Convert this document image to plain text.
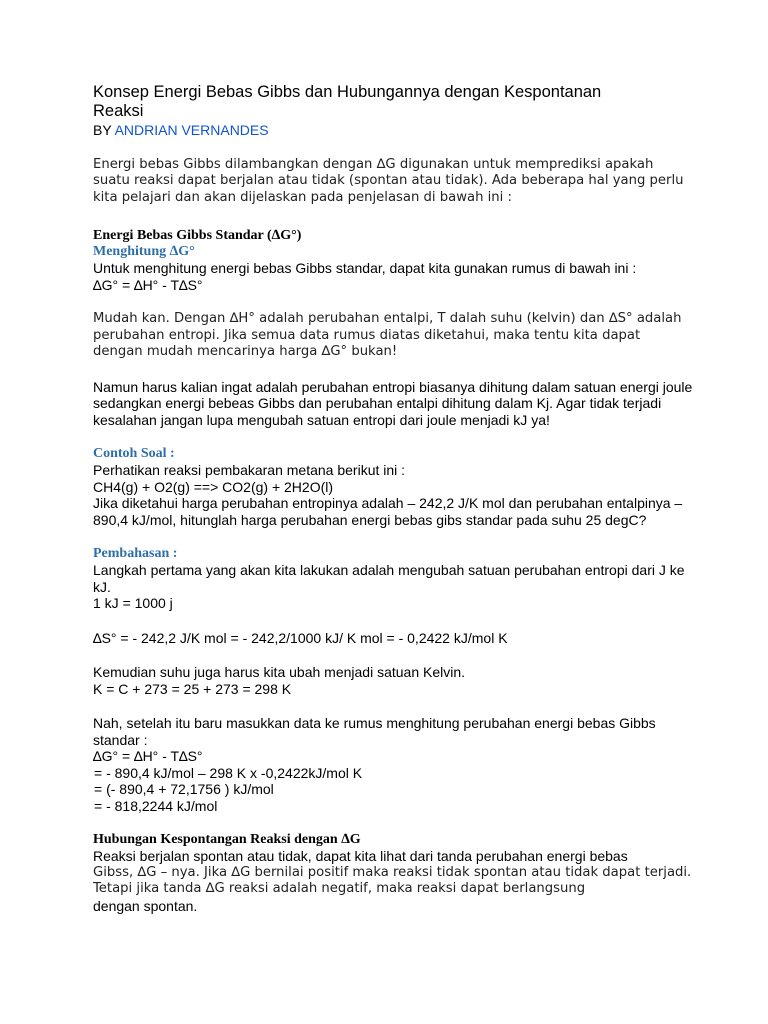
Konsep Energi Bebas Gibbs dan Hubungannya dengan Kespontanan Reaksi

BY ANDRIAN VERNANDES

Energi bebas Gibbs dilambangkan dengan ∆G digunakan untuk memprediksi apakah suatu reaksi dapat berjalan atau tidak (spontan atau tidak). Ada beberapa hal yang perlu kita pelajari dan akan dijelaskan pada penjelasan di bawah ini :

Energi Bebas Gibbs Standar (∆G°)

Menghitung ∆G°

Untuk menghitung energi bebas Gibbs standar, dapat kita gunakan rumus di bawah ini :

∆G° = ∆H° - T∆S°

Mudah kan. Dengan ∆H° adalah perubahan entalpi, T dalah suhu (kelvin) dan ∆S° adalah perubahan entropi. Jika semua data rumus diatas diketahui, maka tentu kita dapat dengan mudah mencarinya harga ∆G° bukan!

Namun harus kalian ingat adalah perubahan entropi biasanya dihitung dalam satuan energi joule sedangkan energi bebeas Gibbs dan perubahan entalpi dihitung dalam Kj. Agar tidak terjadi kesalahan jangan lupa mengubah satuan entropi dari joule menjadi kJ ya!

Contoh Soal :

Perhatikan reaksi pembakaran metana berikut ini :

CH4(g) + O2(g) ==> CO2(g) + 2H2O(l)

Jika diketahui harga perubahan entropinya adalah – 242,2 J/K mol dan perubahan entalpinya – 890,4 kJ/mol, hitunglah harga perubahan energi bebas gibs standar pada suhu 25 degC?

Pembahasan :

Langkah pertama yang akan kita lakukan adalah mengubah satuan perubahan entropi dari J ke kJ.

1 kJ = 1000 j

∆S° = - 242,2 J/K mol = - 242,2/1000 kJ/ K mol = - 0,2422 kJ/mol K

Kemudian suhu juga harus kita ubah menjadi satuan Kelvin.

K = C + 273 = 25 + 273 = 298 K

Nah, setelah itu baru masukkan data ke rumus menghitung perubahan energi bebas Gibbs standar :

∆G° = ∆H° - T∆S°

= - 890,4 kJ/mol – 298 K x -0,2422kJ/mol K

= (- 890,4 + 72,1756 ) kJ/mol

= - 818,2244 kJ/mol

Hubungan Kespontangan Reaksi dengan ∆G

Reaksi berjalan spontan atau tidak, dapat kita lihat dari tanda perubahan energi bebas

Gibss, ∆G – nya. Jika ∆G bernilai positif maka reaksi tidak spontan atau tidak dapat terjadi. Tetapi jika tanda ∆G reaksi adalah negatif, maka reaksi dapat berlangsung

dengan spontan.
